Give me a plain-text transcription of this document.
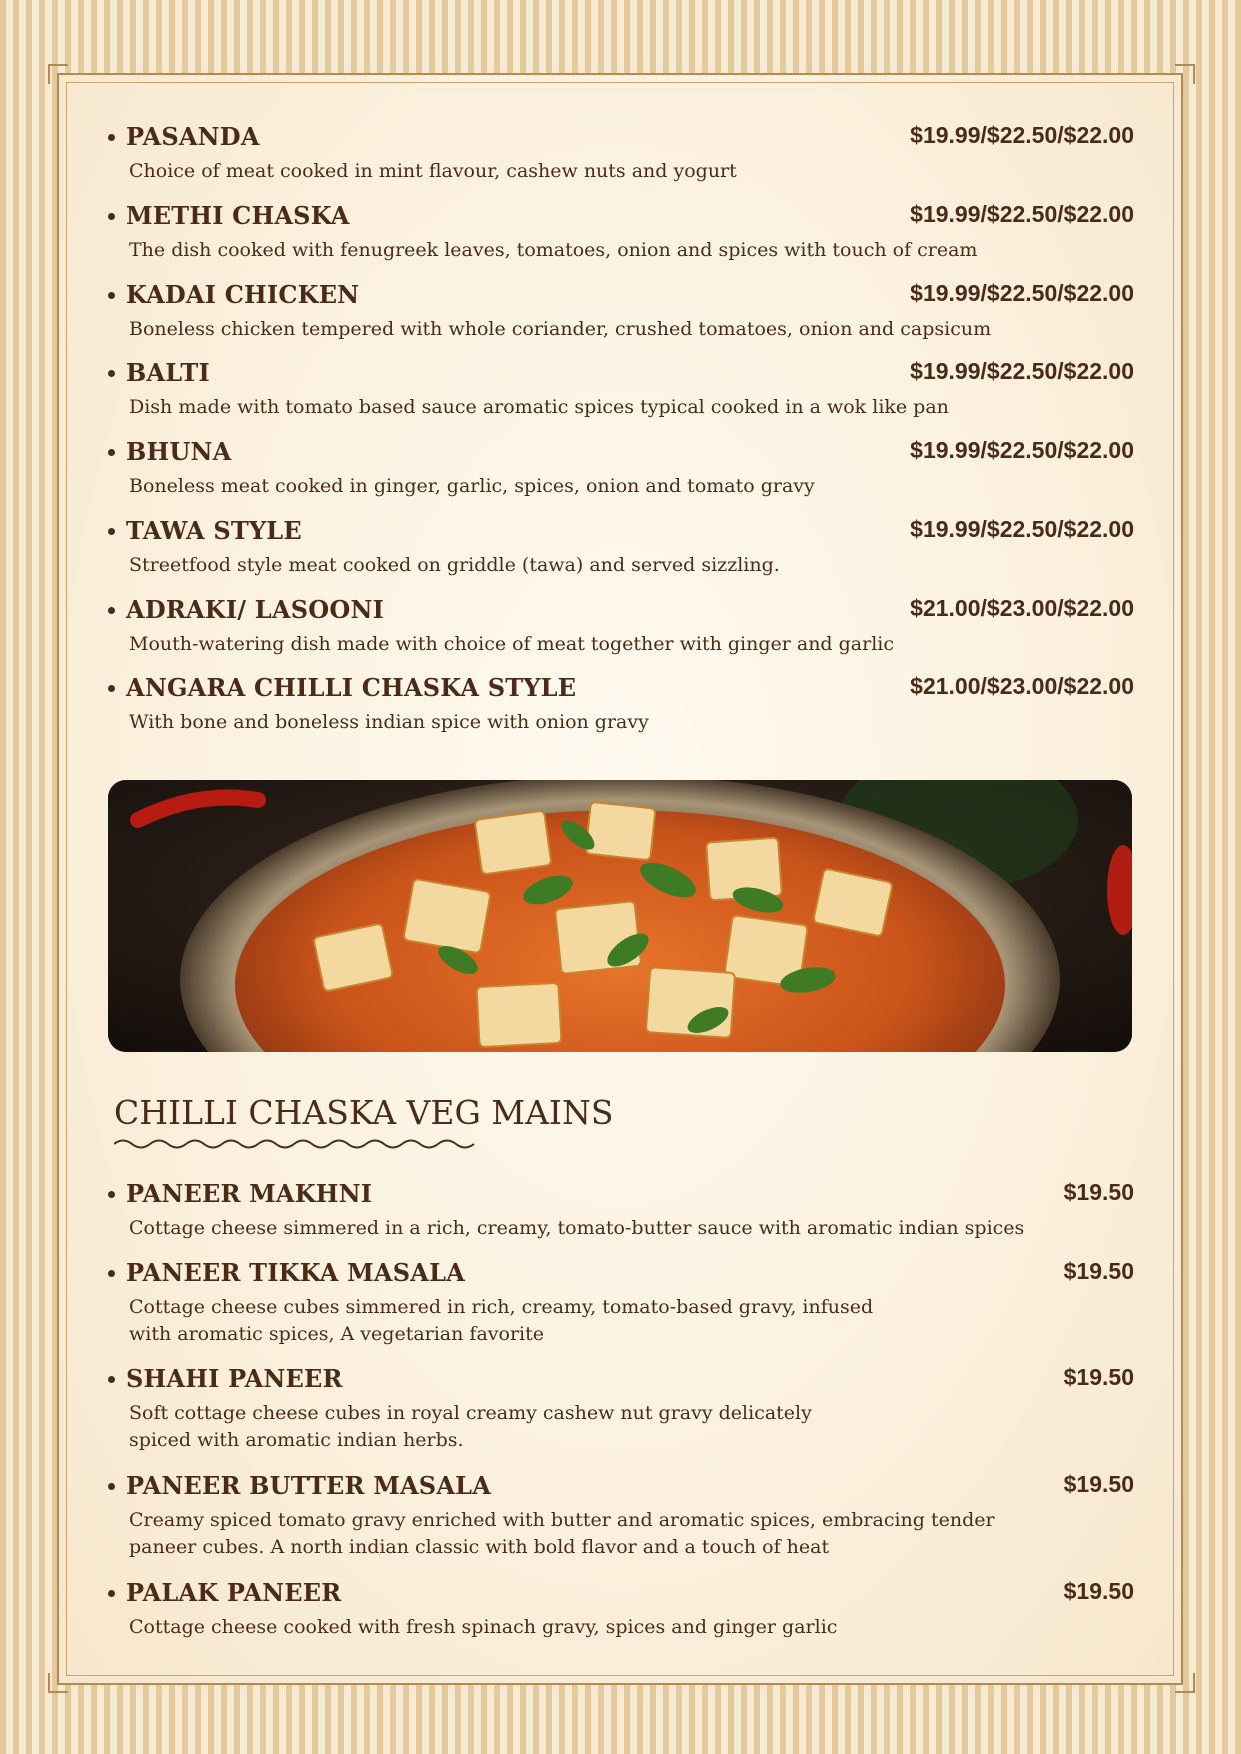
PASANDA	$19.99/$22.50/$22.00
Choice of meat cooked in mint flavour, cashew nuts and yogurt
METHI CHASKA	$19.99/$22.50/$22.00
The dish cooked with fenugreek leaves, tomatoes, onion and spices with touch of cream
KADAI CHICKEN	$19.99/$22.50/$22.00
Boneless chicken tempered with whole coriander, crushed tomatoes, onion and capsicum
BALTI	$19.99/$22.50/$22.00
Dish made with tomato based sauce aromatic spices typical cooked in a wok like pan
BHUNA	$19.99/$22.50/$22.00
Boneless meat cooked in ginger, garlic, spices, onion and tomato gravy
TAWA STYLE	$19.99/$22.50/$22.00
Streetfood style meat cooked on griddle (tawa) and served sizzling.
ADRAKI/ LASOONI	$21.00/$23.00/$22.00
Mouth-watering dish made with choice of meat together with ginger and garlic
ANGARA CHILLI CHASKA STYLE	$21.00/$23.00/$22.00
With bone and boneless indian spice with onion gravy
CHILLI CHASKA VEG MAINS
PANEER MAKHNI	$19.50
Cottage cheese simmered in a rich, creamy, tomato-butter sauce with aromatic indian spices
PANEER TIKKA MASALA	$19.50
Cottage cheese cubes simmered in rich, creamy, tomato-based gravy, infused
with aromatic spices, A vegetarian favorite
SHAHI PANEER	$19.50
Soft cottage cheese cubes in royal creamy cashew nut gravy delicately
spiced with aromatic indian herbs.
PANEER BUTTER MASALA	$19.50
Creamy spiced tomato gravy enriched with butter and aromatic spices, embracing tender
paneer cubes. A north indian classic with bold flavor and a touch of heat
PALAK PANEER	$19.50
Cottage cheese cooked with fresh spinach gravy, spices and ginger garlic
